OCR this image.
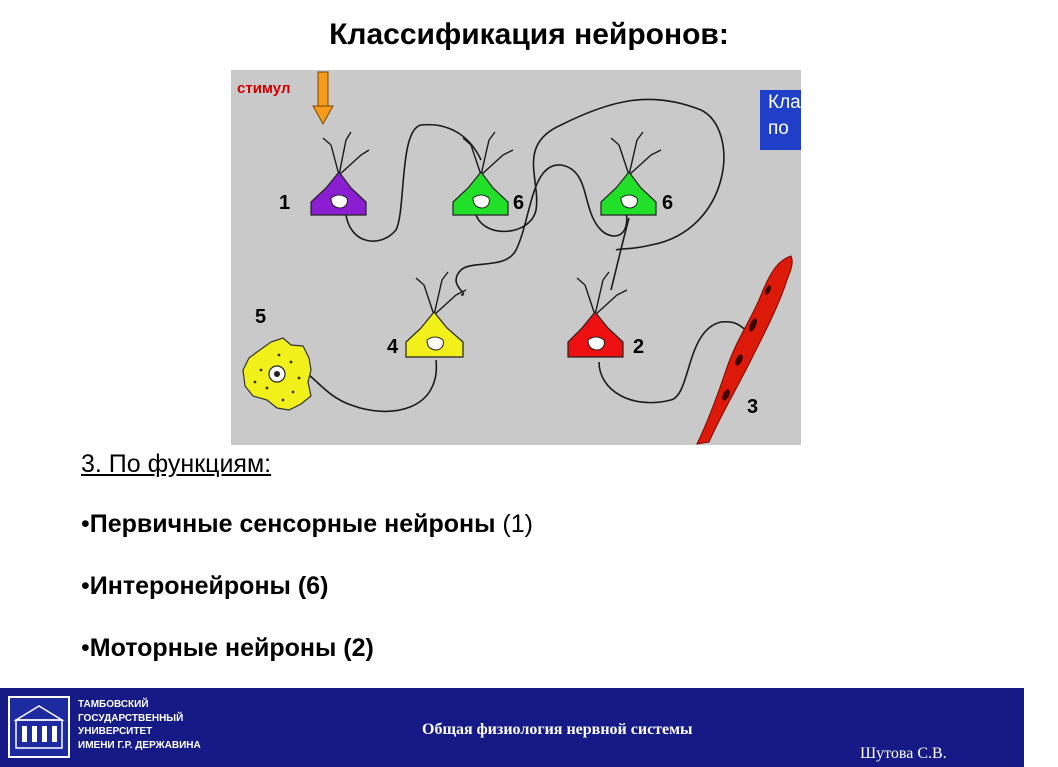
Классификация нейронов:
стимул
1	6	6
4	2
5
3
Кла
по
3. По функциям:
•Первичные сенсорные нейроны (1)
•Интеронейроны (6)
•Моторные нейроны (2)
ТАМБОВСКИЙ
ГОСУДАРСТВЕННЫЙ
УНИВЕРСИТЕТ
ИМЕНИ Г.Р. ДЕРЖАВИНА
Общая физиология нервной системы
Шутова С.В.
